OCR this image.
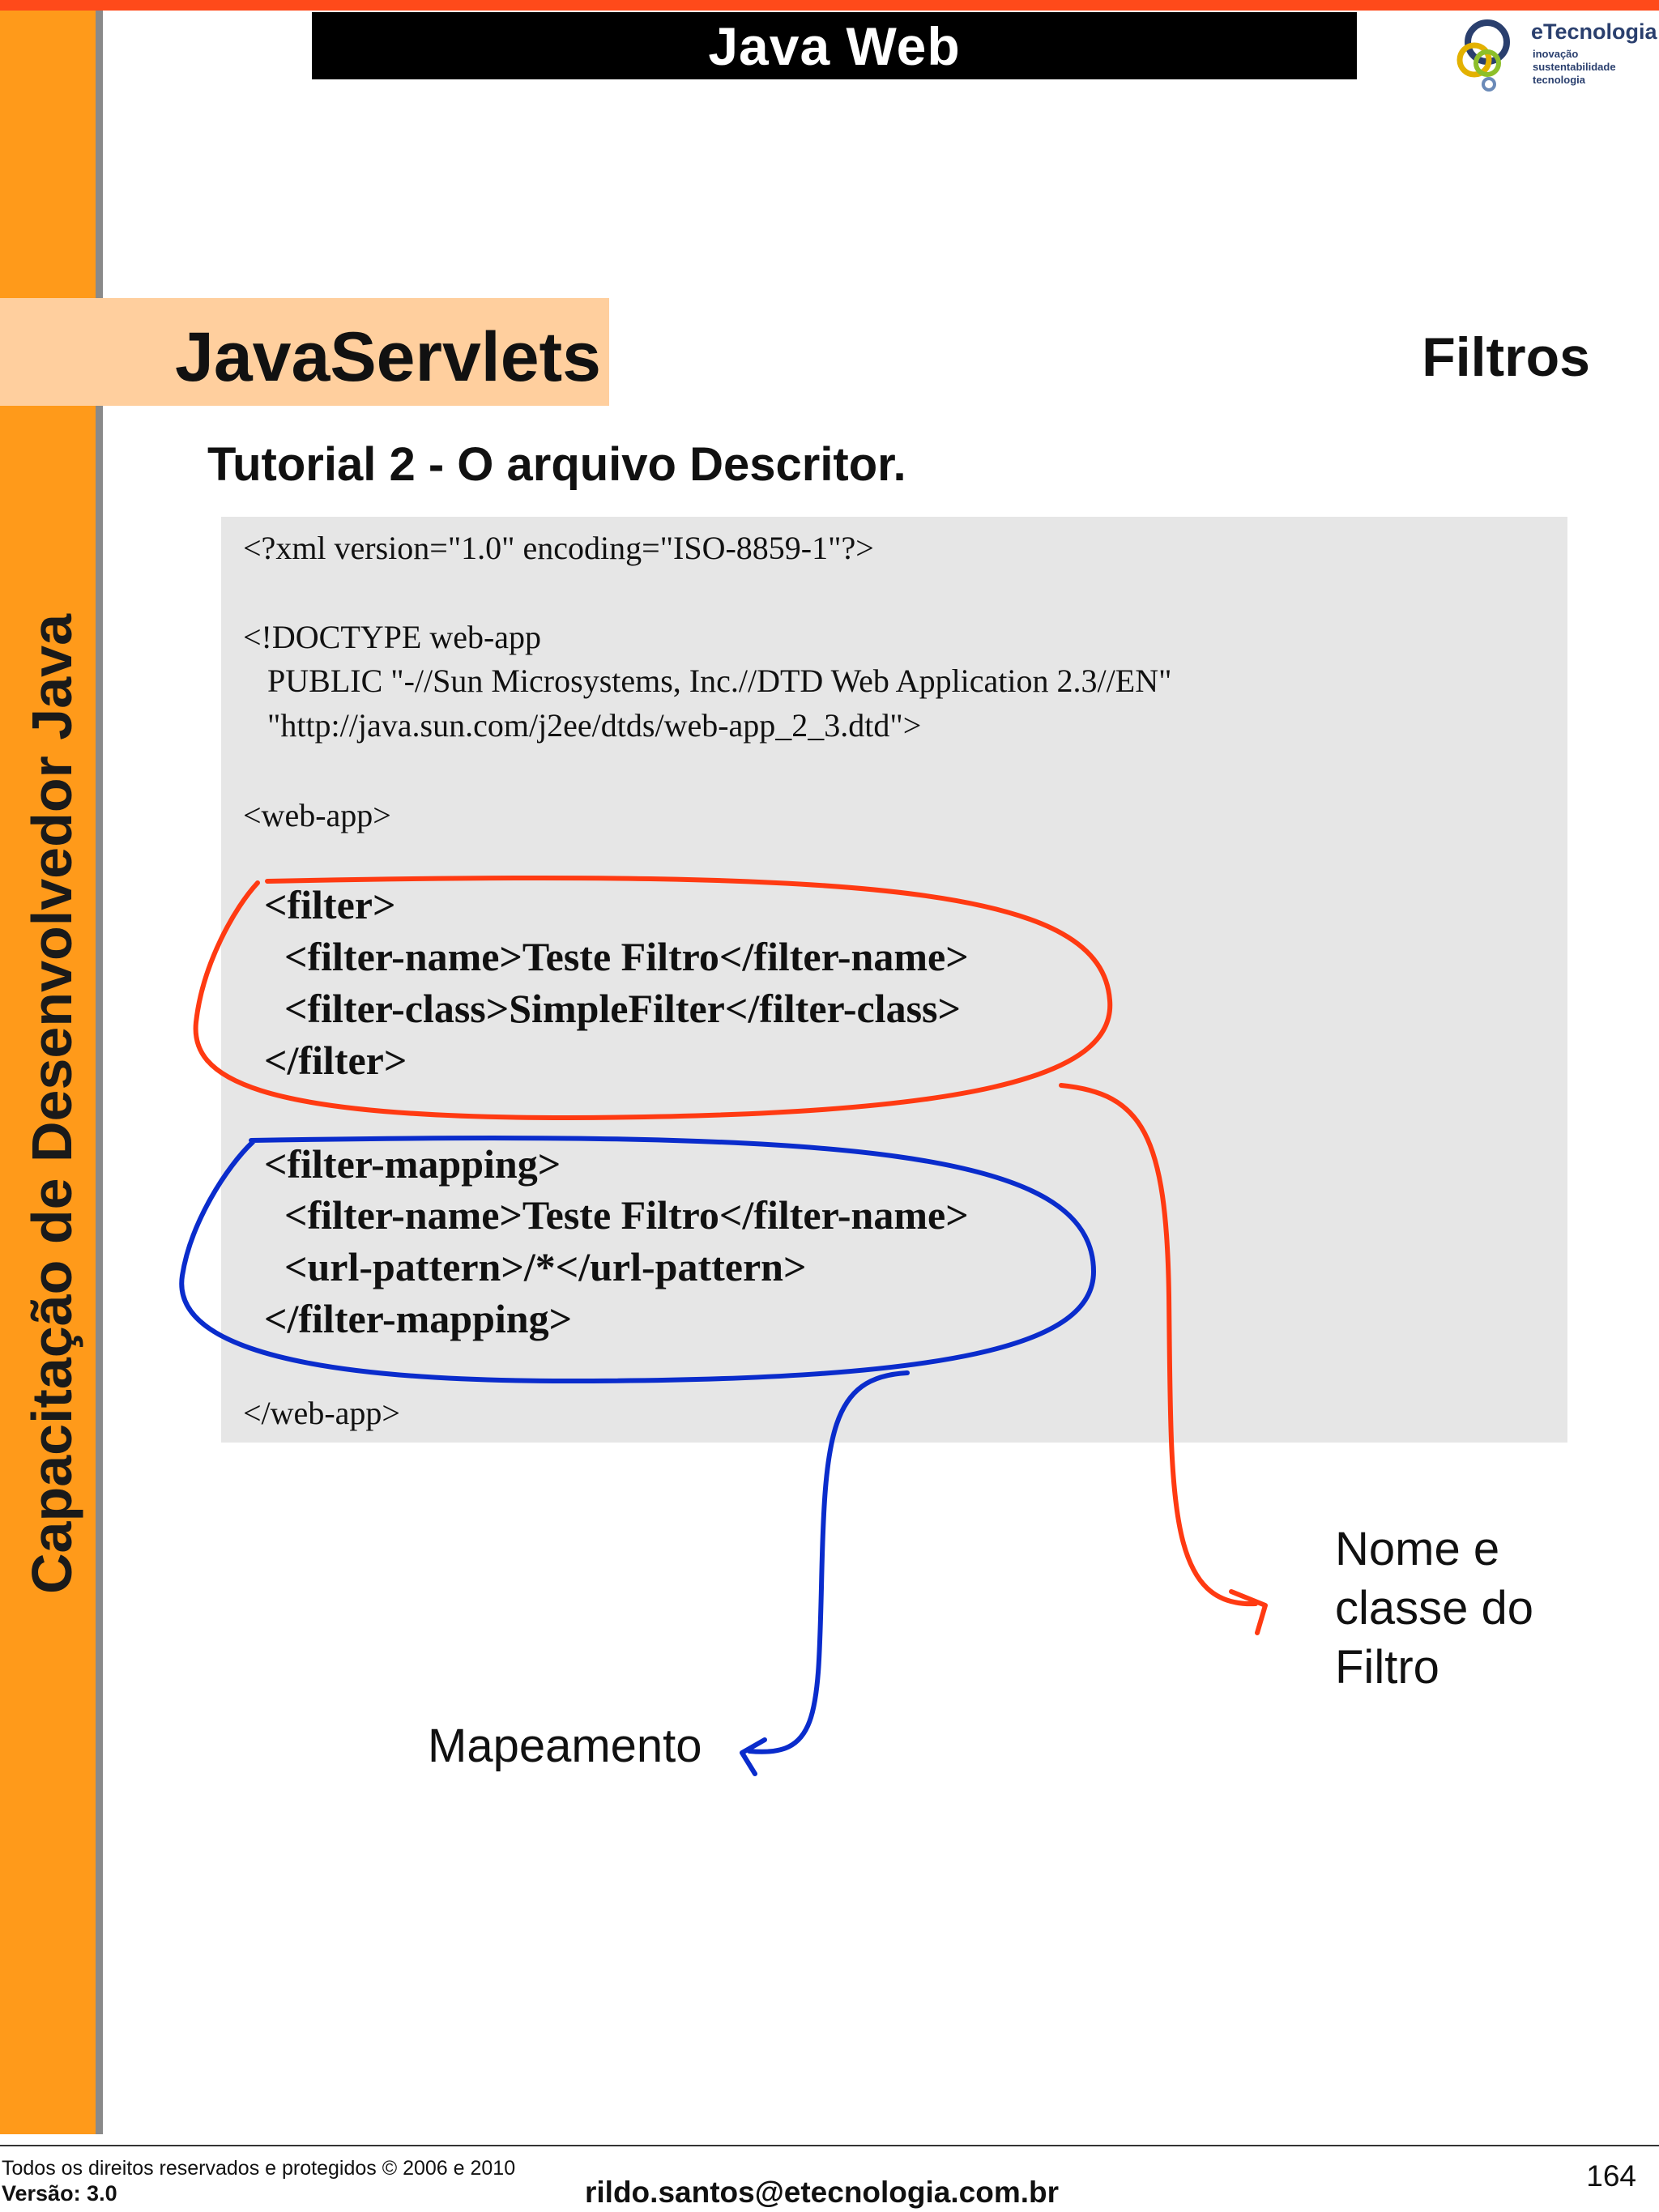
Capacitação de Desenvolvedor Java
Java Web	eTecnologia
inovação
sustentabilidade
tecnologia
JavaServlets	Filtros
Tutorial 2 - O arquivo Descritor.
<?xml version="1.0" encoding="ISO-8859-1"?>
<!DOCTYPE web-app
PUBLIC "-//Sun Microsystems, Inc.//DTD Web Application 2.3//EN"
"http://java.sun.com/j2ee/dtds/web-app_2_3.dtd">
<web-app>
<filter>
<filter-name>Teste Filtro</filter-name>
<filter-class>SimpleFilter</filter-class>
</filter>
<filter-mapping>
<filter-name>Teste Filtro</filter-name>
<url-pattern>/*</url-pattern>
</filter-mapping>
</web-app>
Nome e
classe do
Filtro
Mapeamento
Todos os direitos reservados e protegidos © 2006 e 2010
Versão: 3.0	rildo.santos@etecnologia.com.br	164
